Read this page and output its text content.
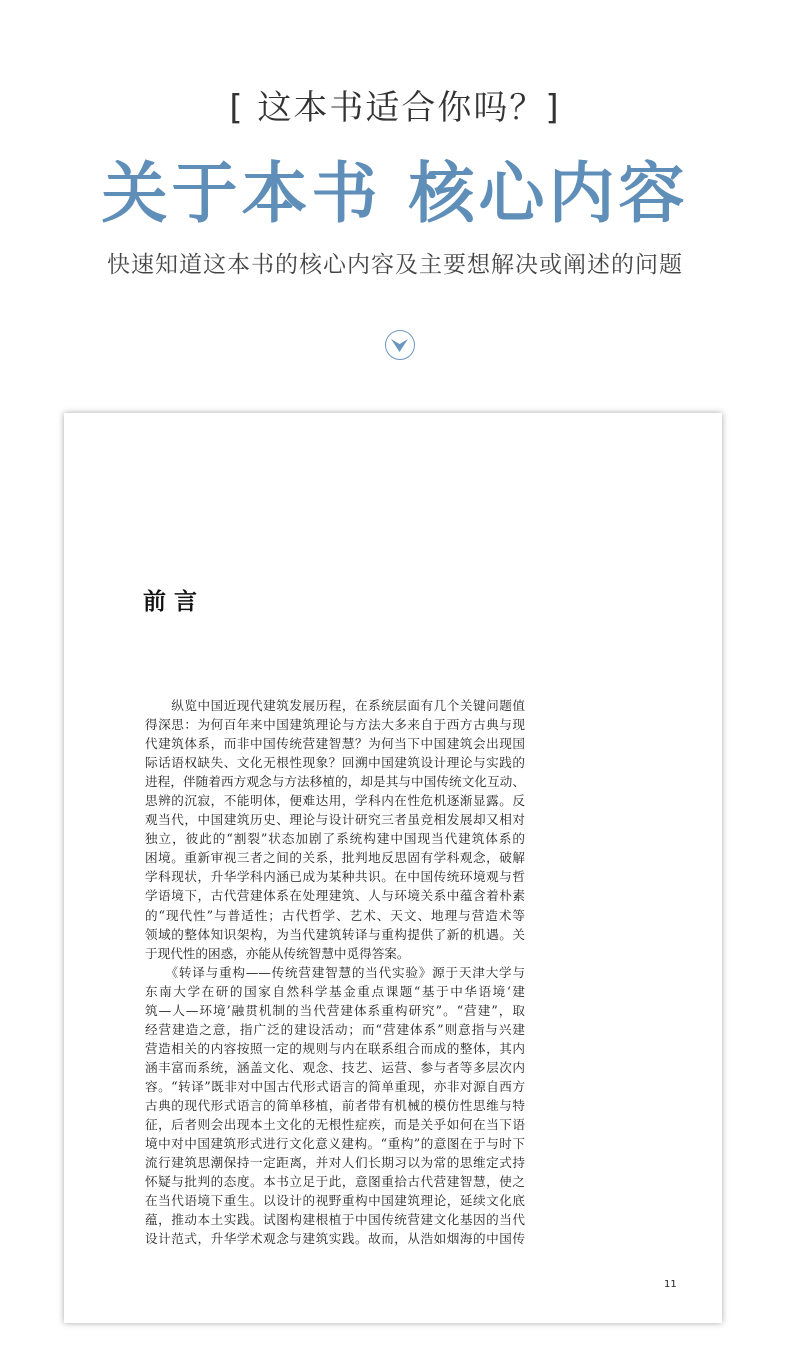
[ 这本书适合你吗？]
关于本书 核心内容
快速知道这本书的核心内容及主要想解决或阐述的问题
前言
　　纵览中国近现代建筑发展历程，在系统层面有几个关键问题值
得深思：为何百年来中国建筑理论与方法大多来自于西方古典与现
代建筑体系，而非中国传统营建智慧？为何当下中国建筑会出现国
际话语权缺失、文化无根性现象？回溯中国建筑设计理论与实践的
进程，伴随着西方观念与方法移植的，却是其与中国传统文化互动、
思辨的沉寂，不能明体，便难达用，学科内在性危机逐渐显露。反
观当代，中国建筑历史、理论与设计研究三者虽竞相发展却又相对
独立，彼此的“割裂”状态加剧了系统构建中国现当代建筑体系的
困境。重新审视三者之间的关系，批判地反思固有学科观念，破解
学科现状，升华学科内涵已成为某种共识。在中国传统环境观与哲
学语境下，古代营建体系在处理建筑、人与环境关系中蕴含着朴素
的“现代性”与普适性；古代哲学、艺术、天文、地理与营造术等
领域的整体知识架构，为当代建筑转译与重构提供了新的机遇。关
于现代性的困惑，亦能从传统智慧中觅得答案。
　　《转译与重构——传统营建智慧的当代实验》源于天津大学与
东南大学在研的国家自然科学基金重点课题“基于中华语境‘建
筑—人—环境’融贯机制的当代营建体系重构研究”。“营建”，取
经营建造之意，指广泛的建设活动；而“营建体系”则意指与兴建
营造相关的内容按照一定的规则与内在联系组合而成的整体，其内
涵丰富而系统，涵盖文化、观念、技艺、运营、参与者等多层次内
容。“转译”既非对中国古代形式语言的简单重现，亦非对源自西方
古典的现代形式语言的简单移植，前者带有机械的模仿性思维与特
征，后者则会出现本土文化的无根性症疾，而是关乎如何在当下语
境中对中国建筑形式进行文化意义建构。“重构”的意图在于与时下
流行建筑思潮保持一定距离，并对人们长期习以为常的思维定式持
怀疑与批判的态度。本书立足于此，意图重拾古代营建智慧，使之
在当代语境下重生。以设计的视野重构中国建筑理论，延续文化底
蕴，推动本土实践。试图构建根植于中国传统营建文化基因的当代
设计范式，升华学术观念与建筑实践。故而，从浩如烟海的中国传
11
